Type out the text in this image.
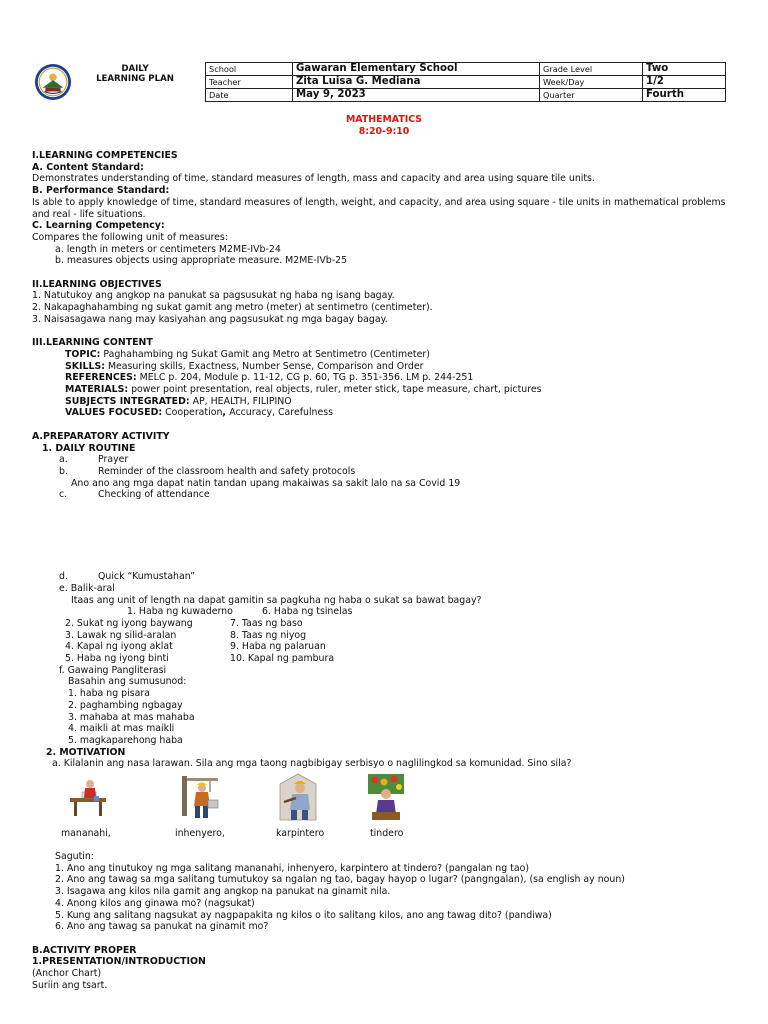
DAILY
LEARNING PLAN
School	Gawaran Elementary School	Grade Level	Two
Teacher	Zita Luisa G. Mediana	Week/Day	1/2
Date	May 9, 2023	Quarter	Fourth
MATHEMATICS
8:20-9:10
I.LEARNING COMPETENCIES
A. Content Standard:
Demonstrates understanding of time, standard measures of length, mass and capacity and area using square tile units.
B. Performance Standard:
Is able to apply knowledge of time, standard measures of length, weight, and capacity, and area using square - tile units in mathematical problems and real - life situations.
C. Learning Competency:
Compares the following unit of measures:
a. length in meters or centimeters M2ME-IVb-24
b. measures objects using appropriate measure. M2ME-IVb-25
II.LEARNING OBJECTIVES
1. Natutukoy ang angkop na panukat sa pagsusukat ng haba ng isang bagay.
2. Nakapaghahambing ng sukat gamit ang metro (meter) at sentimetro (centimeter).
3. Naisasagawa nang may kasiyahan ang pagsusukat ng mga bagay bagay.
III.LEARNING CONTENT
TOPIC: Paghahambing ng Sukat Gamit ang Metro at Sentimetro (Centimeter)
SKILLS: Measuring skills, Exactness, Number Sense, Comparison and Order
REFERENCES: MELC p. 204, Module p. 11-12, CG p. 60, TG p. 351-356. LM p. 244-251
MATERIALS: power point presentation, real objects, ruler, meter stick, tape measure, chart, pictures
SUBJECTS INTEGRATED: AP, HEALTH, FILIPINO
VALUES FOCUSED: Cooperation, Accuracy, Carefulness
A.PREPARATORY ACTIVITY
1. DAILY ROUTINE
a.	Prayer
b.	Reminder of the classroom health and safety protocols
Ano ano ang mga dapat natin tandan upang makaiwas sa sakit lalo na sa Covid 19
c.	Checking of attendance
d.	Quick “Kumustahan”
e. Balik-aral
Itaas ang unit of length na dapat gamitin sa pagkuha ng haba o sukat sa bawat bagay?
1. Haba ng kuwaderno	6. Haba ng tsinelas
2. Sukat ng iyong baywang	7. Taas ng baso
3. Lawak ng silid-aralan	8. Taas ng niyog
4. Kapal ng iyong aklat	9. Haba ng palaruan
5. Haba ng iyong binti	10. Kapal ng pambura
f. Gawaing Pangliterasi
Basahin ang sumusunod:
1. haba ng pisara
2. paghambing ngbagay
3. mahaba at mas mahaba
4. maikli at mas maikli
5. magkaparehong haba
2. MOTIVATION
a. Kilalanin ang nasa larawan. Sila ang mga taong nagbibigay serbisyo o naglilingkod sa komunidad. Sino sila?
mananahi,	inhenyero,	karpintero	tindero
Sagutin:
1. Ano ang tinutukoy ng mga salitang mananahi, inhenyero, karpintero at tindero? (pangalan ng tao)
2. Ano ang tawag sa mga salitang tumutukoy sa ngalan ng tao, bagay hayop o lugar? (pangngalan), (sa english ay noun)
3. Isagawa ang kilos nila gamit ang angkop na panukat na ginamit nila.
4. Anong kilos ang ginawa mo? (nagsukat)
5. Kung ang salitang nagsukat ay nagpapakita ng kilos o ito salitang kilos, ano ang tawag dito? (pandiwa)
6. Ano ang tawag sa panukat na ginamit mo?
B.ACTIVITY PROPER
1.PRESENTATION/INTRODUCTION
(Anchor Chart)
Suriin ang tsart.
